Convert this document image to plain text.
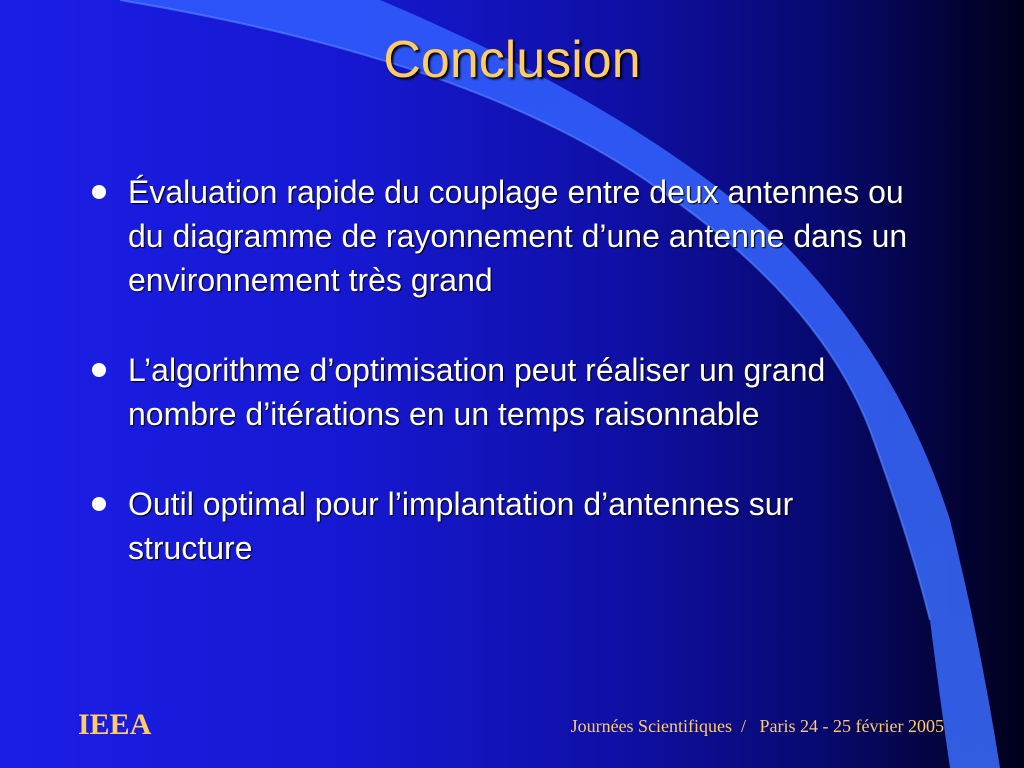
Conclusion
Évaluation rapide du couplage entre deux antennes ou du diagramme de rayonnement d’une antenne dans un environnement très grand
L’algorithme d’optimisation peut réaliser un grand nombre d’itérations en un temps raisonnable
Outil optimal pour l’implantation d’antennes sur structure
IEEA	Journées Scientifiques  /   Paris 24 - 25 février 2005
